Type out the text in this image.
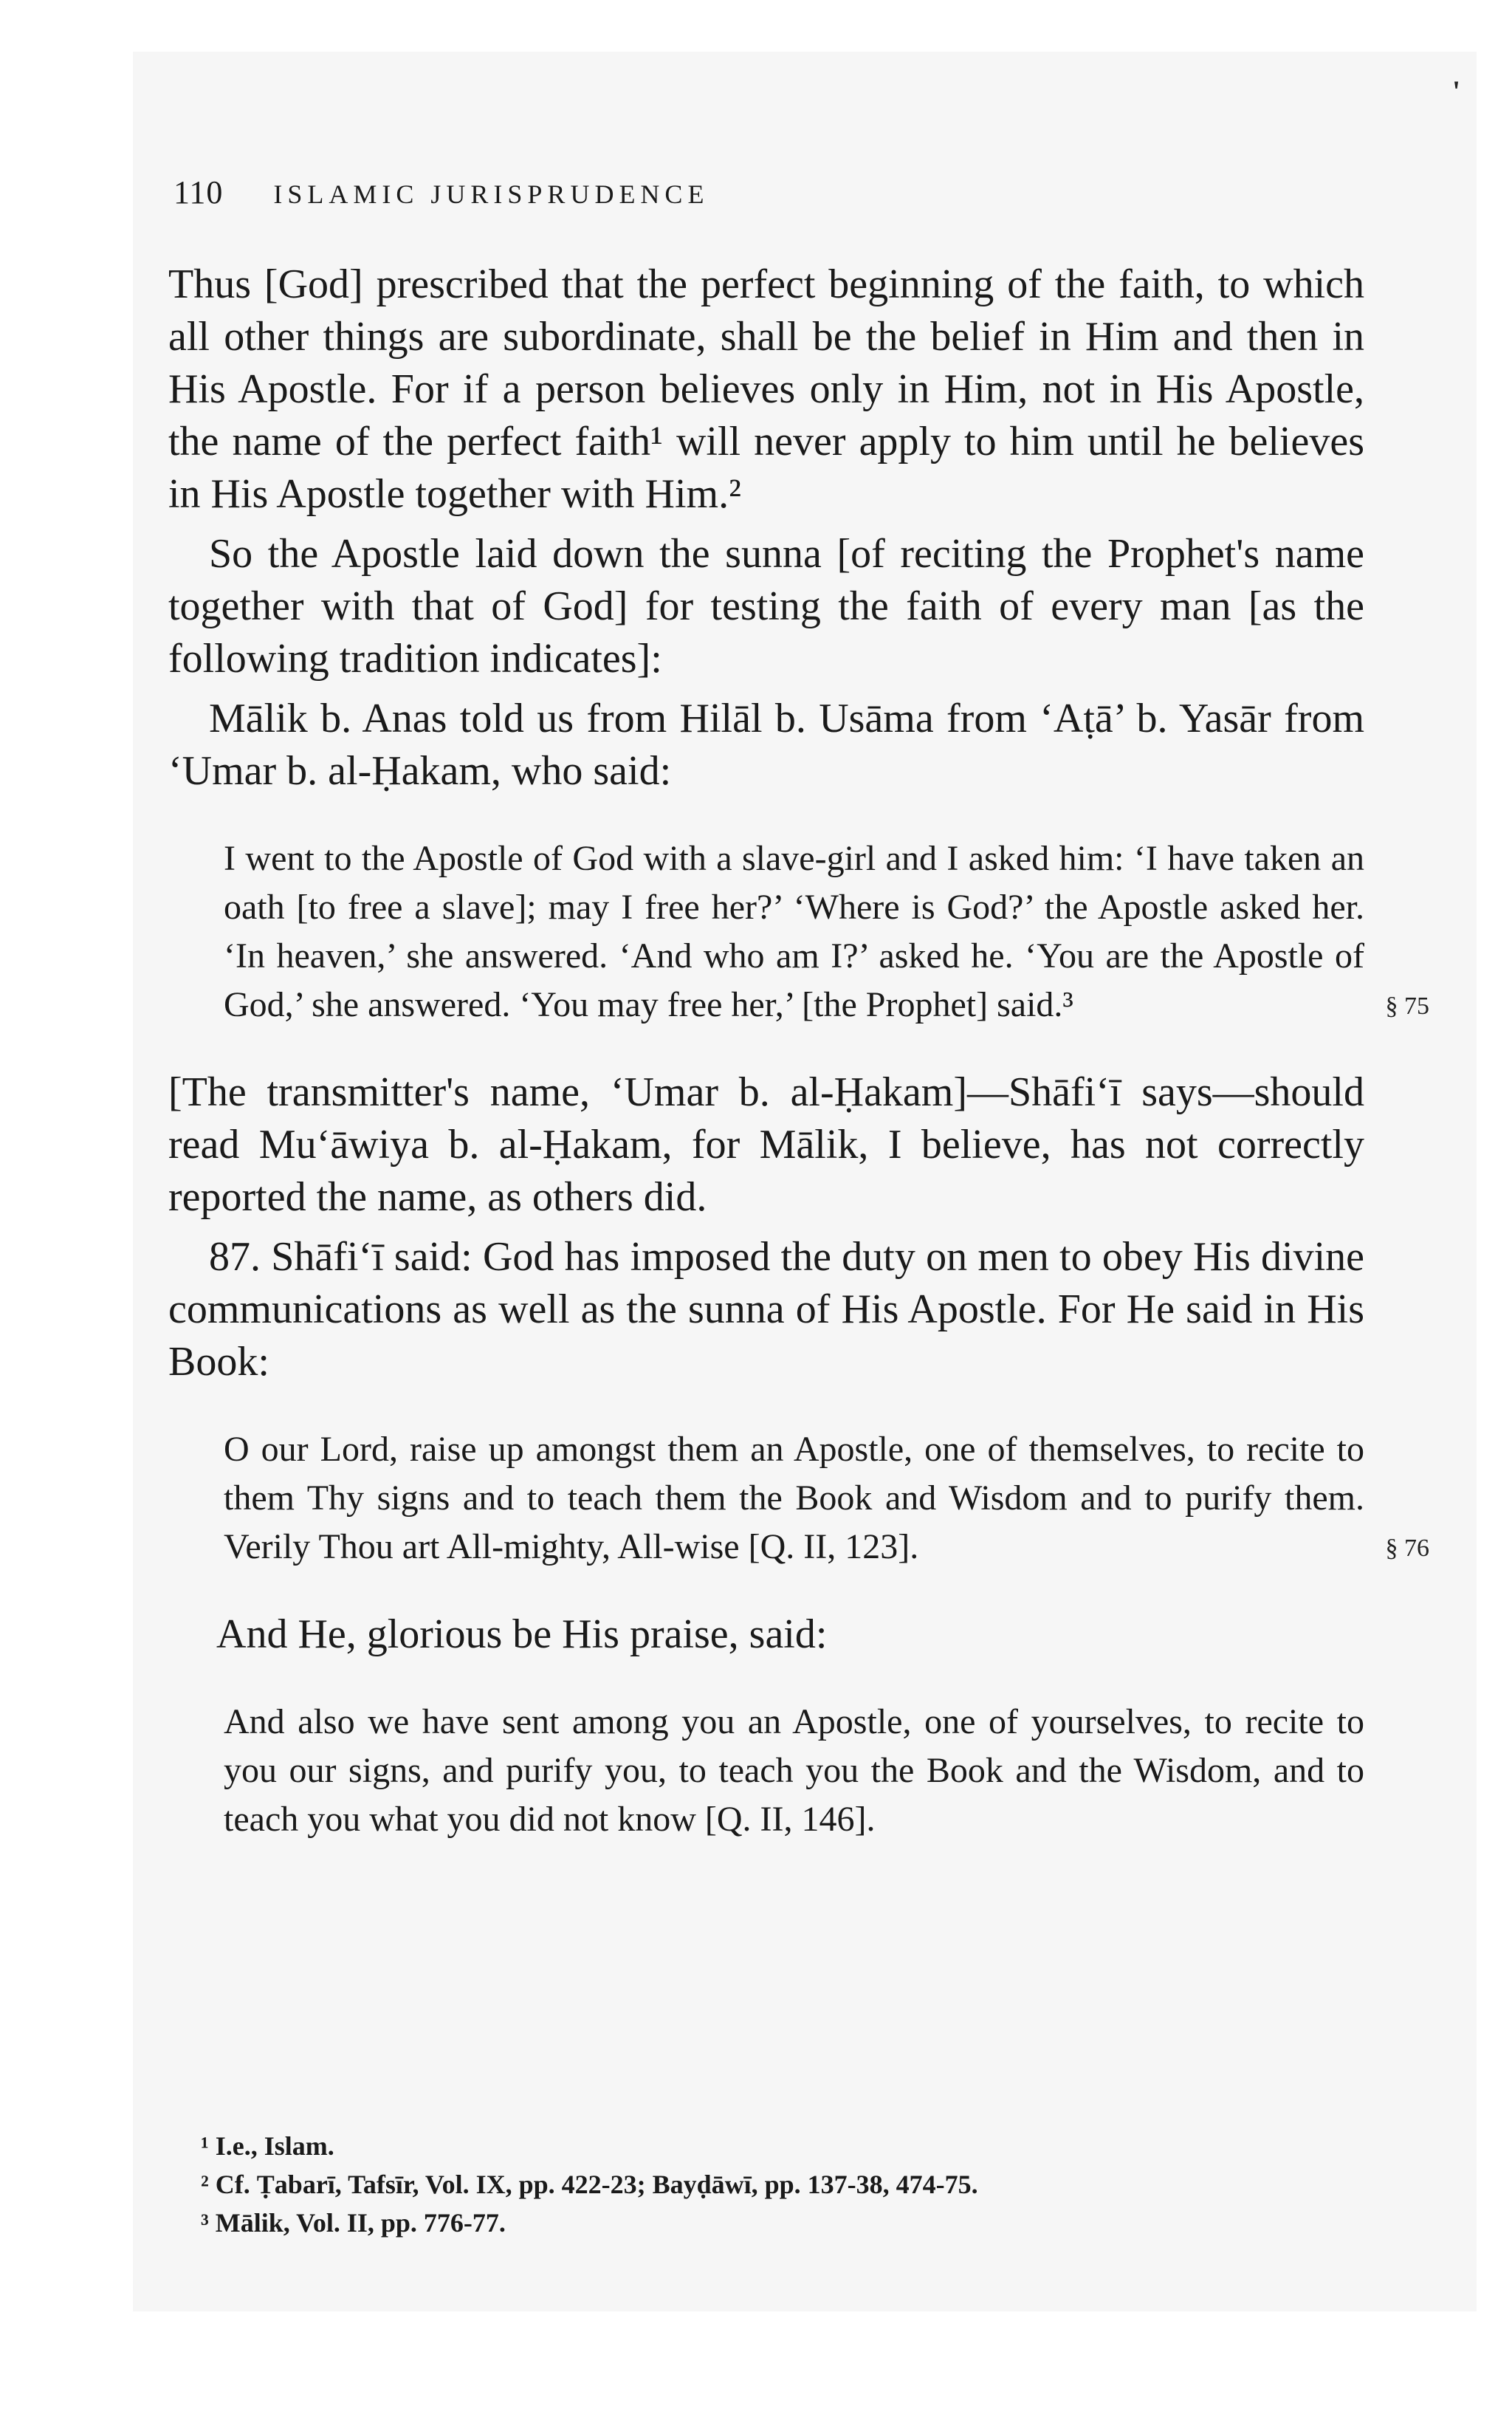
'
110 ISLAMIC JURISPRUDENCE

Thus [God] prescribed that the perfect beginning of the faith, to which all other things are subordinate, shall be the belief in Him and then in His Apostle. For if a person believes only in Him, not in His Apostle, the name of the perfect faith¹ will never apply to him until he believes in His Apostle together with Him.²

So the Apostle laid down the sunna [of reciting the Prophet's name together with that of God] for testing the faith of every man [as the following tradition indicates]:

Mālik b. Anas told us from Hilāl b. Usāma from ‘Aṭā’ b. Yasār from ‘Umar b. al-Ḥakam, who said:

I went to the Apostle of God with a slave-girl and I asked him: ‘I have taken an oath [to free a slave]; may I free her?’ ‘Where is God?’ the Apostle asked her. ‘In heaven,’ she answered. ‘And who am I?’ asked he. ‘You are the Apostle of God,’ she answered. ‘You may free her,’ [the Prophet] said.³	§ 75

[The transmitter's name, ‘Umar b. al-Ḥakam]—Shāfi‘ī says—should read Mu‘āwiya b. al-Ḥakam, for Mālik, I believe, has not correctly reported the name, as others did.

87. Shāfi‘ī said: God has imposed the duty on men to obey His divine communications as well as the sunna of His Apostle. For He said in His Book:

O our Lord, raise up amongst them an Apostle, one of themselves, to recite to them Thy signs and to teach them the Book and Wisdom and to purify them. Verily Thou art All-mighty, All-wise [Q. II, 123].	§ 76

And He, glorious be His praise, said:

And also we have sent among you an Apostle, one of yourselves, to recite to you our signs, and purify you, to teach you the Book and the Wisdom, and to teach you what you did not know [Q. II, 146].
¹ I.e., Islam.
² Cf. Ṭabarī, Tafsīr, Vol. IX, pp. 422-23; Bayḍāwī, pp. 137-38, 474-75.
³ Mālik, Vol. II, pp. 776-77.
